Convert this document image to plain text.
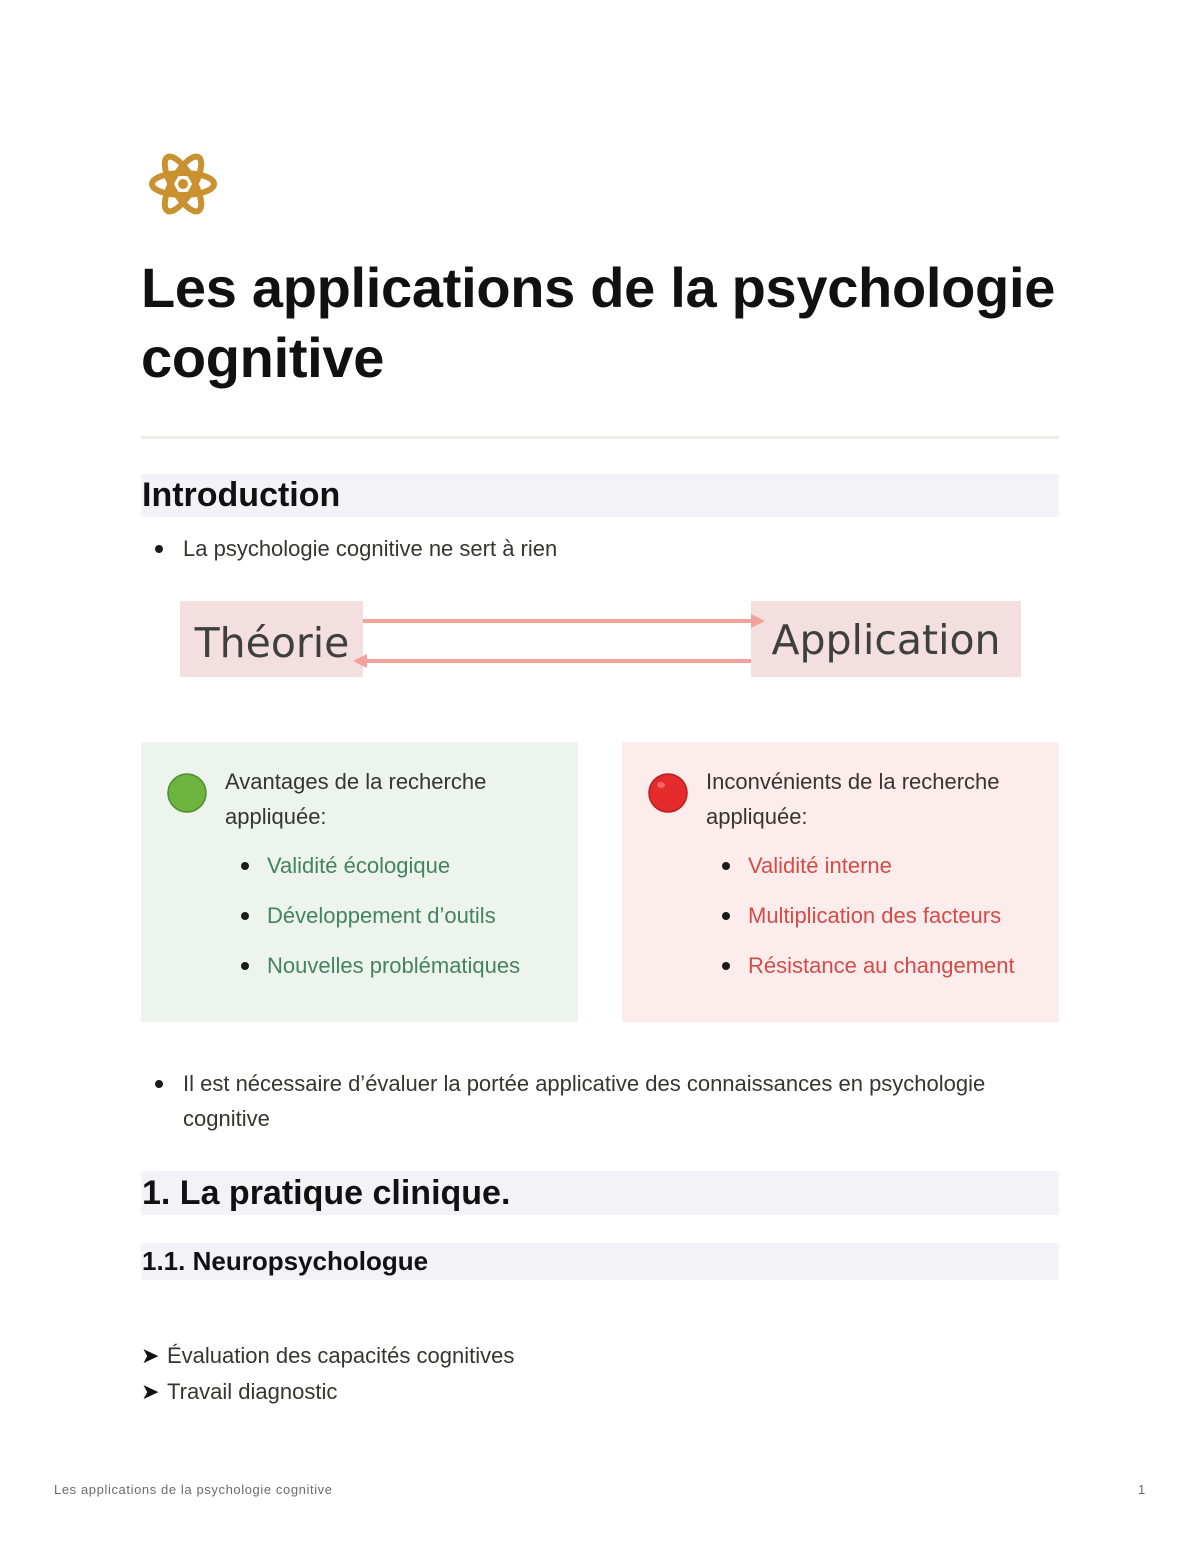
Les applications de la psychologie cognitive
Introduction
La psychologie cognitive ne sert à rien
Théorie	Application
Avantages de la recherche appliquée:
Validité écologique
Développement d’outils
Nouvelles problématiques
Inconvénients de la recherche appliquée:
Validité interne
Multiplication des facteurs
Résistance au changement
Il est nécessaire d’évaluer la portée applicative des connaissances en psychologie cognitive
1. La pratique clinique.
1.1. Neuropsychologue
➤ Évaluation des capacités cognitives
➤ Travail diagnostic
Les applications de la psychologie cognitive	1
